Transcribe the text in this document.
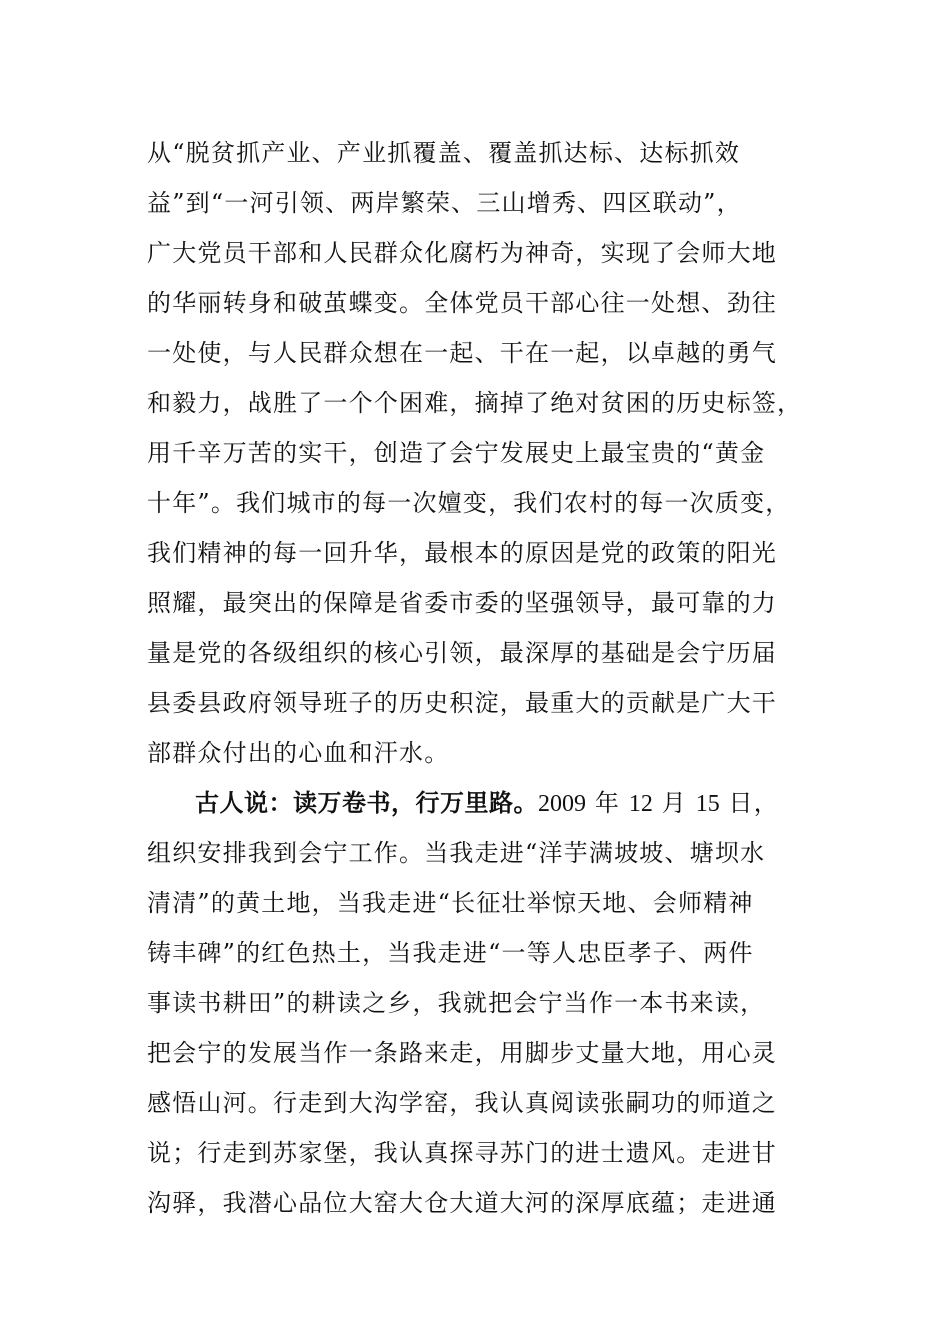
从“脱贫抓产业、产业抓覆盖、覆盖抓达标、达标抓效
益”到“一河引领、两岸繁荣、三山增秀、四区联动”，
广大党员干部和人民群众化腐朽为神奇，实现了会师大地
的华丽转身和破茧蝶变。全体党员干部心往一处想、劲往
一处使，与人民群众想在一起、干在一起，以卓越的勇气
和毅力，战胜了一个个困难，摘掉了绝对贫困的历史标签，
用千辛万苦的实干，创造了会宁发展史上最宝贵的“黄金
十年”。我们城市的每一次嬗变，我们农村的每一次质变，
我们精神的每一回升华，最根本的原因是党的政策的阳光
照耀，最突出的保障是省委市委的坚强领导，最可靠的力
量是党的各级组织的核心引领，最深厚的基础是会宁历届
县委县政府领导班子的历史积淀，最重大的贡献是广大干
部群众付出的心血和汗水。
古人说：读万卷书，行万里路。2009 年 12 月 15 日，
组织安排我到会宁工作。当我走进“洋芋满坡坡、塘坝水
清清”的黄土地，当我走进“长征壮举惊天地、会师精神
铸丰碑”的红色热土，当我走进“一等人忠臣孝子、两件
事读书耕田”的耕读之乡，我就把会宁当作一本书来读，
把会宁的发展当作一条路来走，用脚步丈量大地，用心灵
感悟山河。行走到大沟学窑，我认真阅读张嗣功的师道之
说；行走到苏家堡，我认真探寻苏门的进士遗风。走进甘
沟驿，我潜心品位大窑大仓大道大河的深厚底蕴；走进通
